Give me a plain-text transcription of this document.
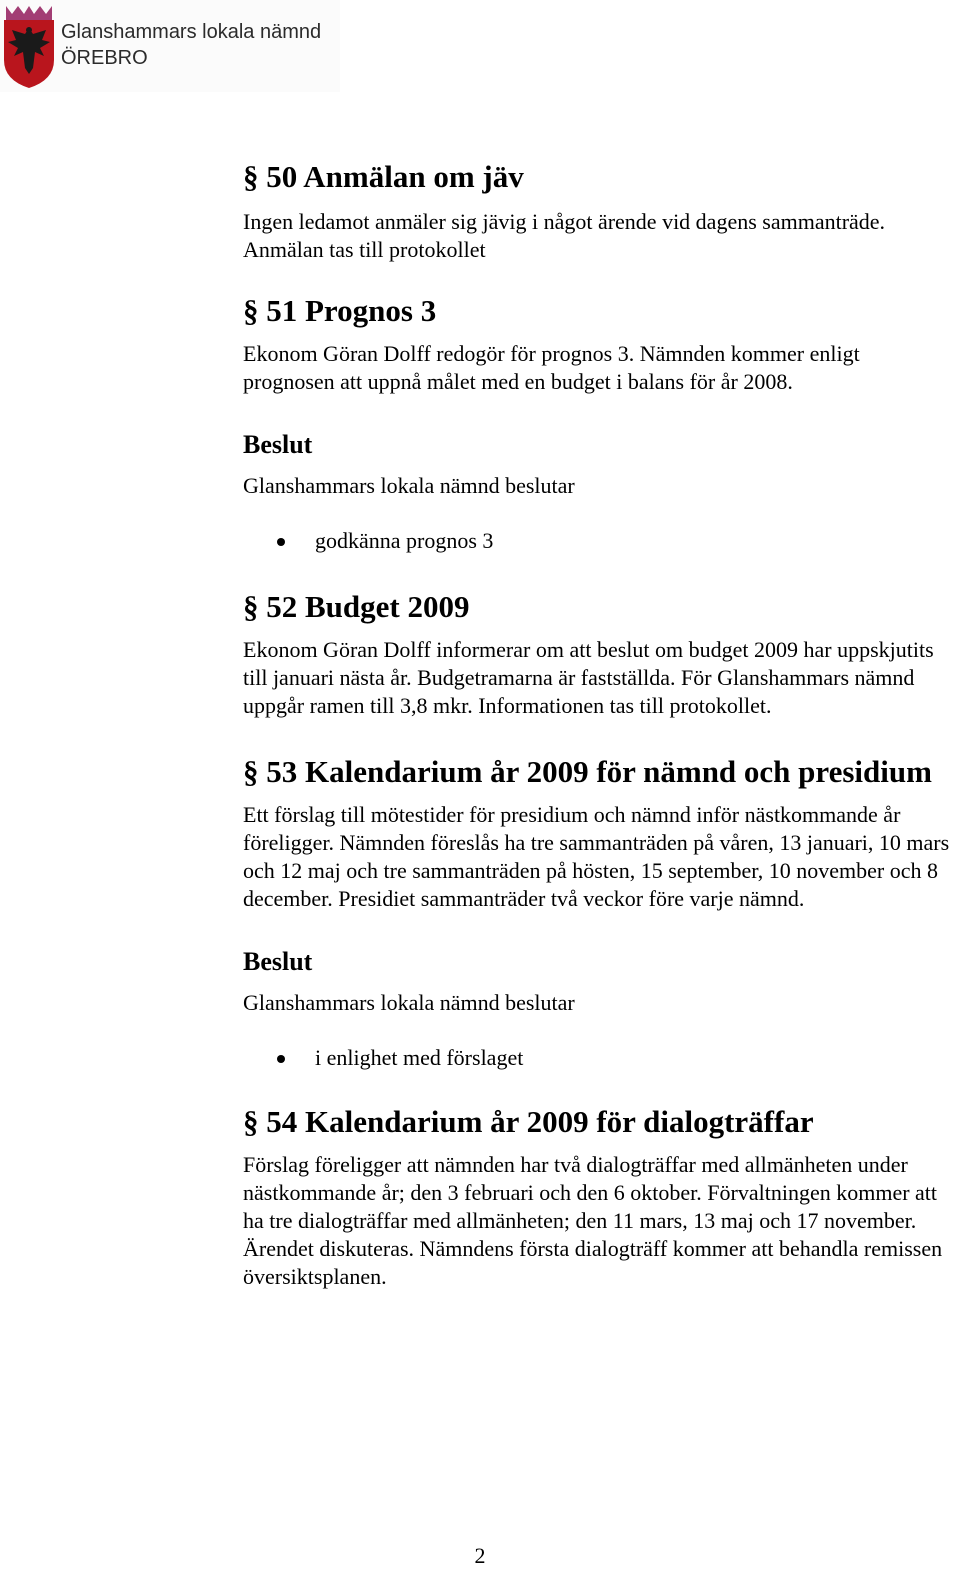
Glanshammars lokala nämnd
ÖREBRO
§ 50 Anmälan om jäv

Ingen ledamot anmäler sig jävig i något ärende vid dagens sammanträde. Anmälan tas till protokollet

§ 51 Prognos 3

Ekonom Göran Dolff redogör för prognos 3. Nämnden kommer enligt prognosen att uppnå målet med en budget i balans för år 2008.

Beslut

Glanshammars lokala nämnd beslutar

godkänna prognos 3
§ 52 Budget 2009

Ekonom Göran Dolff informerar om att beslut om budget 2009 har uppskjutits till januari nästa år. Budgetramarna är fastställda. För Glanshammars nämnd uppgår ramen till 3,8 mkr. Informationen tas till protokollet.

§ 53 Kalendarium år 2009 för nämnd och presidium

Ett förslag till mötestider för presidium och nämnd inför nästkommande år föreligger. Nämnden föreslås ha tre sammanträden på våren, 13 januari, 10 mars och 12 maj och tre sammanträden på hösten, 15 september, 10 november och 8 december. Presidiet sammanträder två veckor före varje nämnd.

Beslut

Glanshammars lokala nämnd beslutar

i enlighet med förslaget
§ 54 Kalendarium år 2009 för dialogträffar

Förslag föreligger att nämnden har två dialogträffar med allmänheten under nästkommande år; den 3 februari och den 6 oktober. Förvaltningen kommer att ha tre dialogträffar med allmänheten; den 11 mars, 13 maj och 17 november. Ärendet diskuteras. Nämndens första dialogträff kommer att behandla remissen översiktsplanen.

2
